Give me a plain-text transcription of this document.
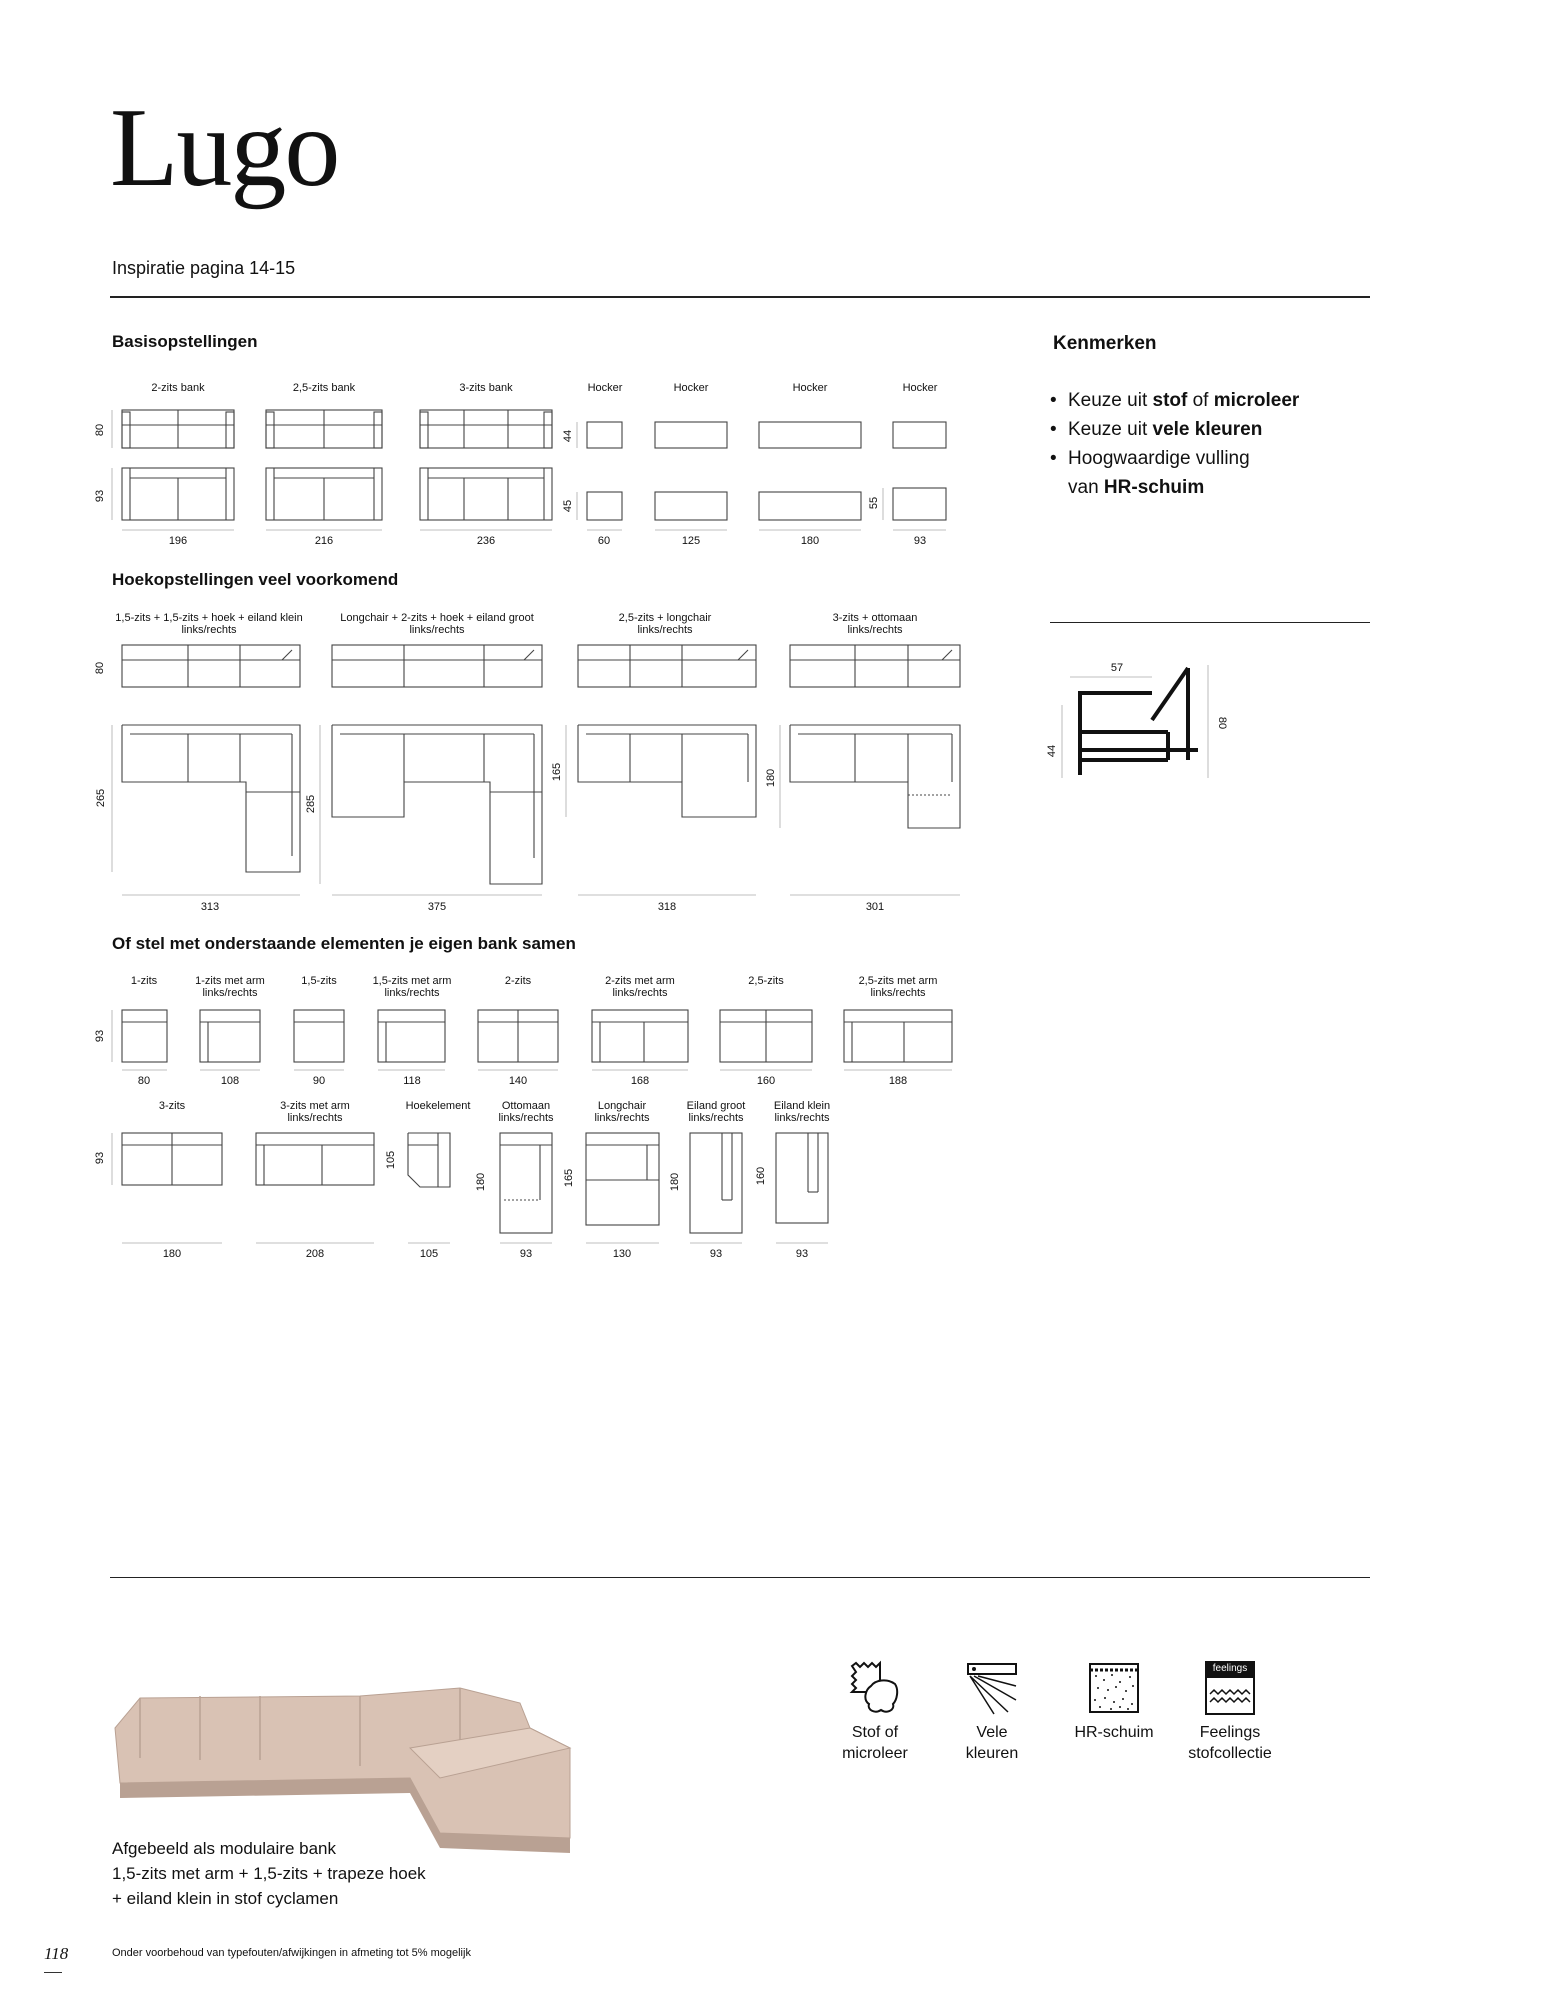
Lugo
Inspiratie pagina 14-15
Basisopstellingen
Hoekopstellingen veel voorkomend
Of stel met onderstaande elementen je eigen bank samen
2-zits bank	2,5-zits bank	3-zits bank	Hocker	Hocker	Hocker	Hocker
80
93
44
45	55
196	216	236	60	125	180	93
1,5-zits + 1,5-zits + hoek + eiland klein
links/rechts
Longchair + 2-zits + hoek + eiland groot
links/rechts
2,5-zits + longchair
links/rechts
3-zits + ottomaan
links/rechts
80
265	285
165	180
313	375	318	301
1-zits	1-zits met arm
links/rechts
1,5-zits	1,5-zits met arm
links/rechts
2-zits	2-zits met arm
links/rechts
2,5-zits	2,5-zits met arm
links/rechts
93
80	108	90	118	140	168	160	188
3-zits	3-zits met arm
links/rechts
Hoekelement	Ottomaan
links/rechts
Longchair
links/rechts
Eiland groot
links/rechts
Eiland klein
links/rechts
93	105
180	165	180	160
180	208	105	93	130	93	93
Kenmerken
• Keuze uit stof of microleer
• Keuze uit vele kleuren
• Hoogwaardige vulling
van HR-schuim
57
44
80
Afgebeeld als modulaire bank
1,5-zits met arm + 1,5-zits + trapeze hoek
+ eiland klein in stof cyclamen
Stof of
microleer
Vele
kleuren
HR-schuim
feelings
Feelings
stofcollectie
118	Onder voorbehoud van typefouten/afwijkingen in afmeting tot 5% mogelijk
